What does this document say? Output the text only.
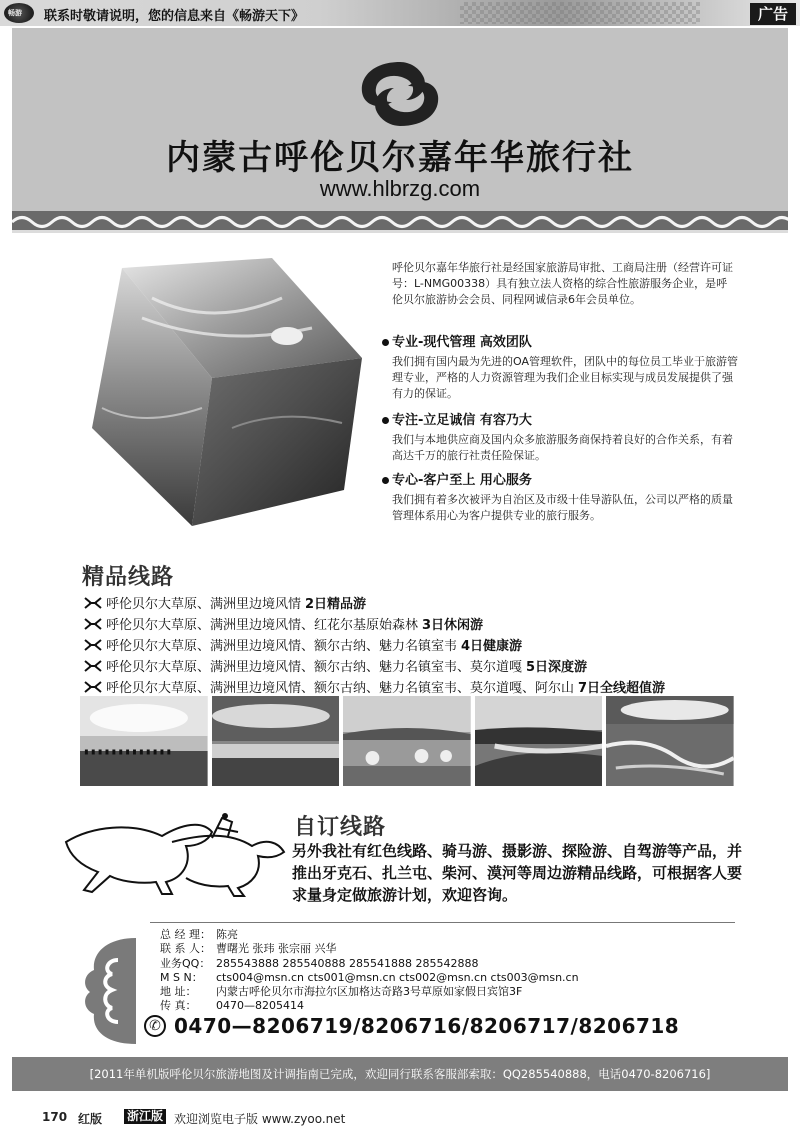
畅游 联系时敬请说明，您的信息来自《畅游天下》	广告
内蒙古呼伦贝尔嘉年华旅行社
www.hlbrzg.com
呼伦贝尔嘉年华旅行社是经国家旅游局审批、工商局注册（经营许可证号：L-NMG00338）具有独立法人资格的综合性旅游服务企业，是呼伦贝尔旅游协会会员、同程网诚信录6年会员单位。
专业-现代管理 高效团队

我们拥有国内最为先进的OA管理软件，团队中的每位员工毕业于旅游管理专业，严格的人力资源管理为我们企业目标实现与成员发展提供了强有力的保证。

专注-立足诚信 有容乃大

我们与本地供应商及国内众多旅游服务商保持着良好的合作关系，有着高达千万的旅行社责任险保证。

专心-客户至上 用心服务

我们拥有着多次被评为自治区及市级十佳导游队伍，公司以严格的质量管理体系用心为客户提供专业的旅行服务。

精品线路
呼伦贝尔大草原、满洲里边境风情 2日精品游
呼伦贝尔大草原、满洲里边境风情、红花尔基原始森林 3日休闲游
呼伦贝尔大草原、满洲里边境风情、额尔古纳、魅力名镇室韦 4日健康游
呼伦贝尔大草原、满洲里边境风情、额尔古纳、魅力名镇室韦、莫尔道嘎 5日深度游
呼伦贝尔大草原、满洲里边境风情、额尔古纳、魅力名镇室韦、莫尔道嘎、阿尔山 7日全线超值游
自订线路
另外我社有红色线路、骑马游、摄影游、探险游、自驾游等产品，并推出牙克石、扎兰屯、柴河、漠河等周边游精品线路，可根据客人要求量身定做旅游计划，欢迎咨询。
总 经 理： 陈亮
联 系 人： 曹曙光 张玮 张宗丽 兴华
业务QQ： 285543888 285540888 285541888 285542888
M S N：	cts004@msn.cn cts001@msn.cn cts002@msn.cn cts003@msn.cn
地 址：	内蒙古呼伦贝尔市海拉尔区加格达奇路3号草原如家假日宾馆3F
传 真：	0470—8205414
✆ 0470—8206719/8206716/8206717/8206718
[2011年单机版呼伦贝尔旅游地图及计调指南已完成，欢迎同行联系客服部索取：QQ285540888，电话0470-8206716]
170 红版 浙江版 欢迎浏览电子版 www.zyoo.net
